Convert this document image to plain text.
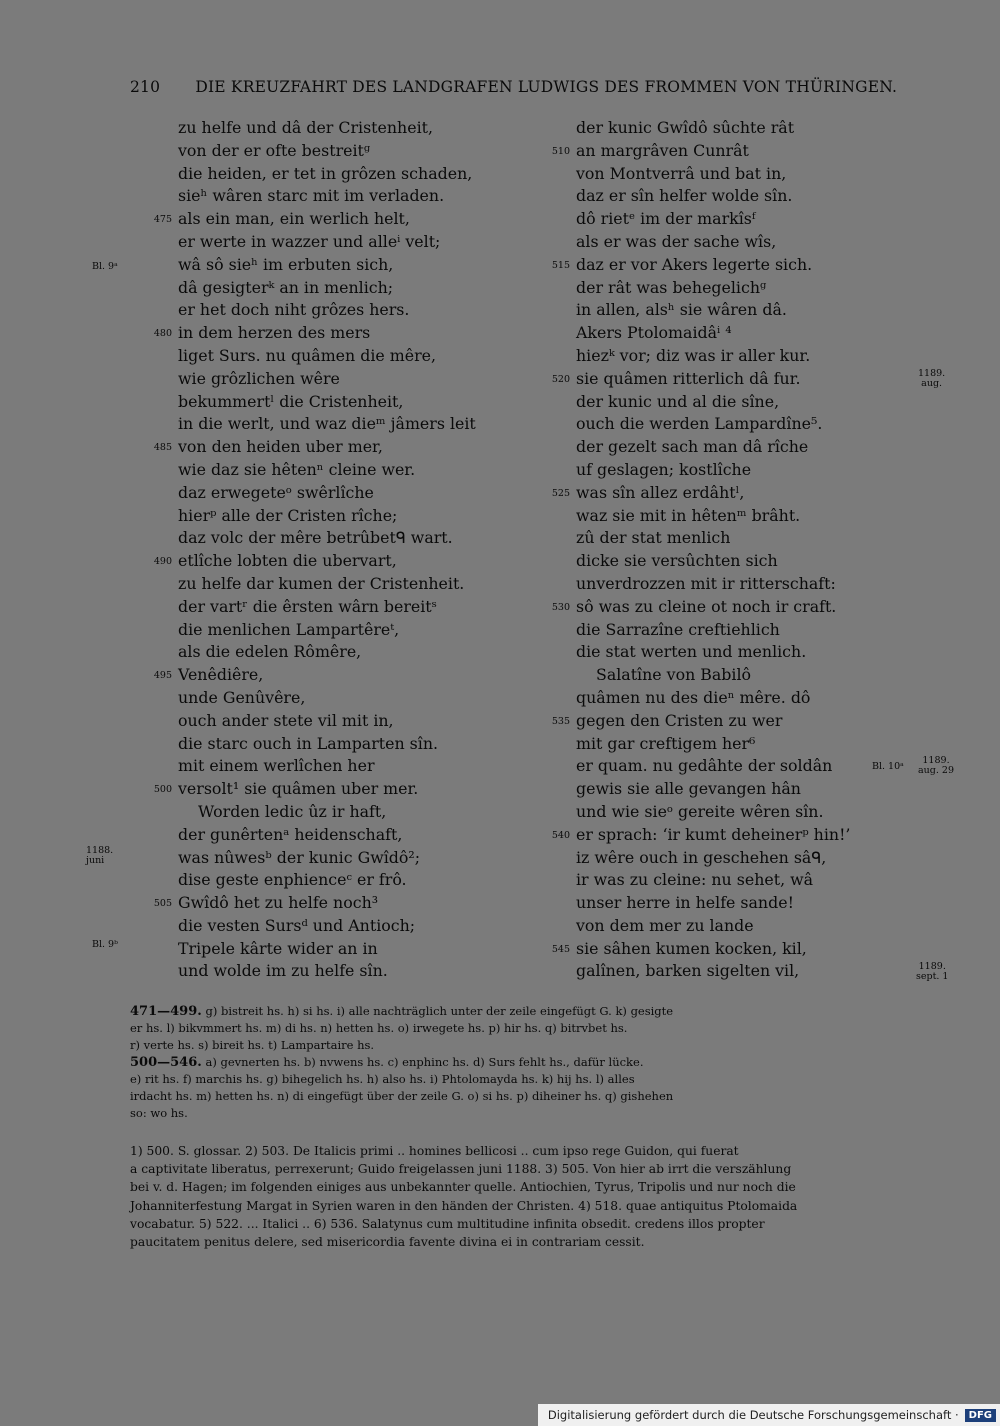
210 DIE KREUZFAHRT DES LANDGRAFEN LUDWIGS DES FROMMEN VON THÜRINGEN.
zu helfe und dâ der Cristenheit,
von der er ofte bestreitᵍ
die heiden, er tet in grôzen schaden,
sieʰ wâren starc mit im verladen.
475 als ein man, ein werlich helt,
er werte in wazzer und alleⁱ velt;
wâ sô sieʰ im erbuten sich,
dâ gesigterᵏ an in menlich;
er het doch niht grôzes hers.
480 in dem herzen des mers
liget Surs. nu quâmen die mêre,
wie grôzlichen wêre
bekummertˡ die Cristenheit,
in die werlt, und waz dieᵐ jâmers leit
485 von den heiden uber mer,
wie daz sie hêtenⁿ cleine wer.
daz erwegeteᵒ swêrlîche
hierᵖ alle der Cristen rîche;
daz volc der mêre betrûbetᑫ wart.
490 etlîche lobten die ubervart,
zu helfe dar kumen der Cristenheit.
der vartʳ die êrsten wârn bereitˢ
die menlichen Lampartêreᵗ,
als die edelen Rômêre,
495 Venêdiêre,
unde Genûvêre,
ouch ander stete vil mit in,
die starc ouch in Lamparten sîn.
mit einem werlîchen her
500 versolt¹ sie quâmen uber mer.
Worden ledic ûz ir haft,
der gunêrtenᵃ heidenschaft,
was nûwesᵇ der kunic Gwîdô²;
dise geste enphienceᶜ er frô.
505 Gwîdô het zu helfe noch³
die vesten Sursᵈ und Antioch;
Tripele kârte wider an in
und wolde im zu helfe sîn.
der kunic Gwîdô sûchte rât
510 an margrâven Cunrât
von Montverrâ und bat in,
daz er sîn helfer wolde sîn.
dô rietᵉ im der markîsᶠ
als er was der sache wîs,
515 daz er vor Akers legerte sich.
der rât was behegelichᵍ
in allen, alsʰ sie wâren dâ.
Akers Ptolomaidâⁱ ⁴
hiezᵏ vor; diz was ir aller kur.
520 sie quâmen ritterlich dâ fur.
der kunic und al die sîne,
ouch die werden Lampardîne⁵.
der gezelt sach man dâ rîche
uf geslagen; kostlîche
525 was sîn allez erdâhtˡ,
waz sie mit in hêtenᵐ brâht.
zû der stat menlich
dicke sie versûchten sich
unverdrozzen mit ir ritterschaft:
530 sô was zu cleine ot noch ir craft.
die Sarrazîne creftiehlich
die stat werten und menlich.
Salatîne von Babilô
quâmen nu des dieⁿ mêre. dô
535 gegen den Cristen zu wer
mit gar creftigem her⁶
er quam. nu gedâhte der soldân
gewis sie alle gevangen hân
und wie sieᵒ gereite wêren sîn.
540 er sprach: ‘ir kumt deheinerᵖ hin!’
iz wêre ouch in geschehen sâᑫ,
ir was zu cleine: nu sehet, wâ
unser herre in helfe sande!
von dem mer zu lande
545 sie sâhen kumen kocken, kil,
galînen, barken sigelten vil,
Bl. 9ᵃ
1188.
juni
Bl. 9ᵇ
1189.
aug.
Bl. 10ᵃ
1189.
aug. 29
1189.
sept. 1

471—499. g) bistreit hs. h) si hs. i) alle nachträglich unter der zeile eingefügt G. k) gesigte

er hs. l) bikvmmert hs. m) di hs. n) hetten hs. o) irwegete hs. p) hir hs. q) bitrvbet hs.

r) verte hs. s) bireit hs. t) Lampartaire hs.

500—546. a) gevnerten hs. b) nvwens hs. c) enphinc hs. d) Surs fehlt hs., dafür lücke.

e) rit hs. f) marchis hs. g) bihegelich hs. h) also hs. i) Phtolomayda hs. k) hij hs. l) alles

irdacht hs. m) hetten hs. n) di eingefügt über der zeile G. o) si hs. p) diheiner hs. q) gishehen

so: wo hs.

1) 500. S. glossar. 2) 503. De Italicis primi .. homines bellicosi .. cum ipso rege Guidon, qui fuerat
a captivitate liberatus, perrexerunt; Guido freigelassen juni 1188. 3) 505. Von hier ab irrt die verszählung
bei v. d. Hagen; im folgenden einiges aus unbekannter quelle. Antiochien, Tyrus, Tripolis und nur noch die
Johanniterfestung Margat in Syrien waren in den händen der Christen. 4) 518. quae antiquitus Ptolomaida
vocabatur. 5) 522. ... Italici .. 6) 536. Salatynus cum multitudine infinita obsedit. credens illos propter
paucitatem penitus delere, sed misericordia favente divina ei in contrariam cessit.
Digitalisierung gefördert durch die Deutsche Forschungsgemeinschaft ·	DFG
